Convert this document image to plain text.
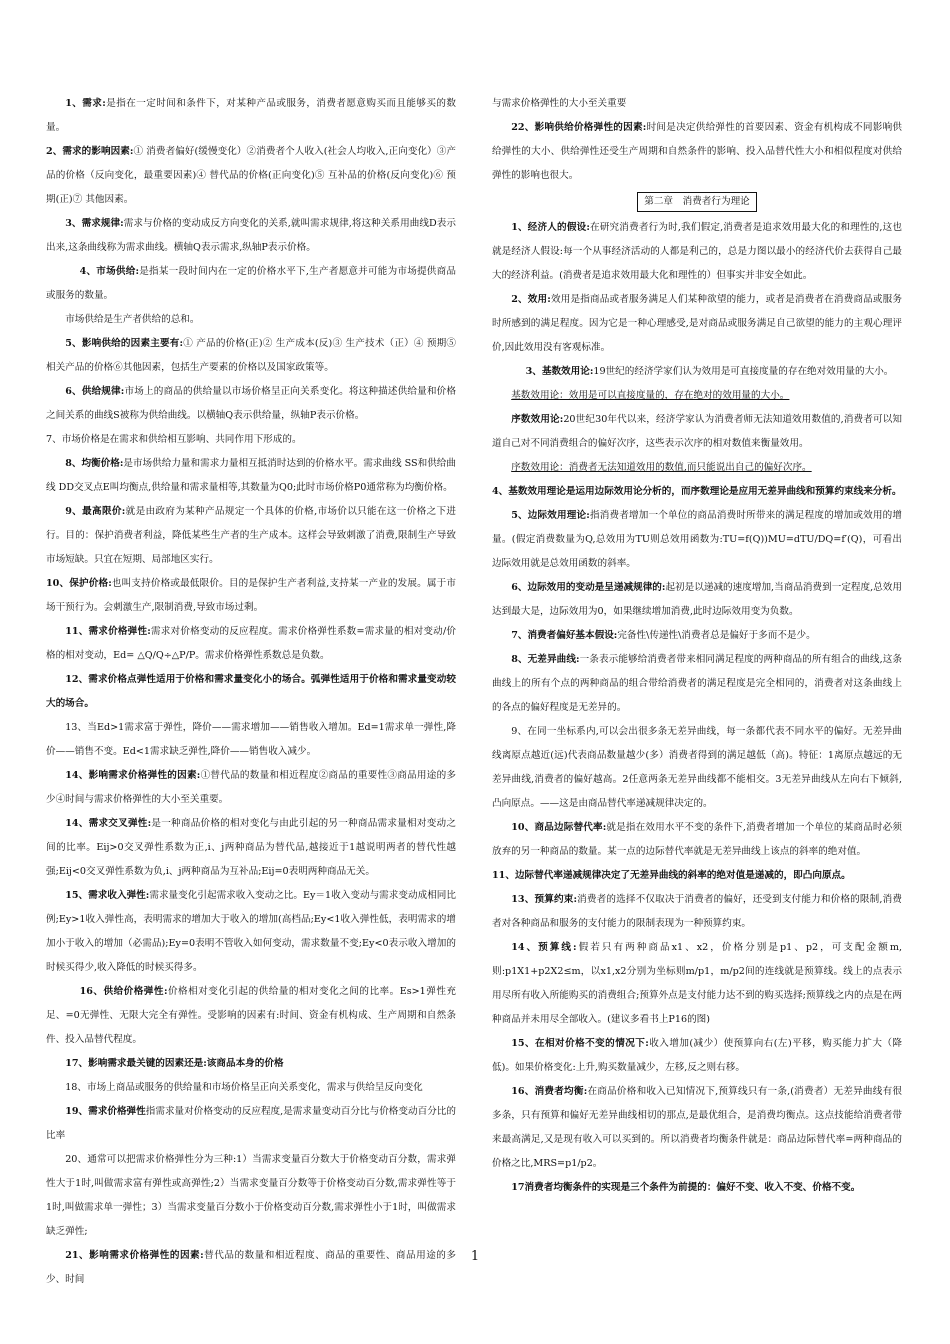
1、需求:是指在一定时间和条件下，对某种产品或服务，消费者愿意购买而且能够买的数量。

2、需求的影响因素:① 消费者偏好(缓慢变化）②消费者个人收入(社会人均收入,正向变化）③产品的价格（反向变化，最重要因素)④ 替代品的价格(正向变化)⑤ 互补品的价格(反向变化)⑥ 预期(正)⑦ 其他因素。

3、需求规律:需求与价格的变动成反方向变化的关系,就叫需求规律,将这种关系用曲线D表示出来,这条曲线称为需求曲线。横轴Q表示需求,纵轴P表示价格。

4、市场供给:是指某一段时间内在一定的价格水平下,生产者愿意并可能为市场提供商品或服务的数量。

市场供给是生产者供给的总和。

5、影响供给的因素主要有:① 产品的价格(正)② 生产成本(反)③ 生产技术（正）④ 预期⑤相关产品的价格⑥其他因素，包括生产要素的价格以及国家政策等。

6、供给规律:市场上的商品的供给量以市场价格呈正向关系变化。将这种描述供给量和价格之间关系的曲线S被称为供给曲线。以横轴Q表示供给量，纵轴P表示价格。

7、市场价格是在需求和供给相互影响、共同作用下形成的。

8、均衡价格:是市场供给力量和需求力量相互抵消时达到的价格水平。需求曲线 SS和供给曲线 DD交叉点E叫均衡点,供给量和需求量相等,其数量为Q0;此时市场价格P0通常称为均衡价格。

9、最高限价:就是由政府为某种产品规定一个具体的价格,市场价以只能在这一价格之下进行。目的：保护消费者利益，降低某些生产者的生产成本。这样会导致刺激了消费,限制生产导致市场短缺。只宜在短期、局部地区实行。

10、保护价格:也叫支持价格或最低限价。目的是保护生产者利益,支持某一产业的发展。属于市场干预行为。会刺激生产,限制消费,导致市场过剩。

11、需求价格弹性:需求对价格变动的反应程度。需求价格弹性系数=需求量的相对变动/价格的相对变动，Ed= △Q/Q÷△P/P。需求价格弹性系数总是负数。

12、需求价格点弹性适用于价格和需求量变化小的场合。弧弹性适用于价格和需求量变动较大的场合。

13、当Ed>1需求富于弹性，降价——需求增加——销售收入增加。Ed=1需求单一弹性,降价——销售不变。Ed<1需求缺乏弹性,降价——销售收入减少。

14、影响需求价格弹性的因素:①替代品的数量和相近程度②商品的重要性③商品用途的多少④时间与需求价格弹性的大小至关重要。

14、需求交叉弹性:是一种商品价格的相对变化与由此引起的另一种商品需求量相对变动之间的比率。Eij>0交叉弹性系数为正,i、j两种商品为替代品,越接近于1越说明两者的替代性越强;Eij<0交叉弹性系数为负,i、j两种商品为互补品;Eij=0表明两种商品无关。

15、需求收入弹性:需求量变化引起需求收入变动之比。Ey＝1收入变动与需求变动成相同比例;Ey>1收入弹性高，表明需求的增加大于收入的增加(高档品;Ey<1收入弹性低，表明需求的增加小于收入的增加（必需品);Ey=0表明不管收入如何变动，需求数量不变;Ey<0表示收入增加的时候买得少,收入降低的时候买得多。

16、供给价格弹性:价格相对变化引起的供给量的相对变化之间的比率。Es>1弹性充足、=0无弹性、无限大完全有弹性。受影响的因素有:时间、资金有机构成、生产周期和自然条件、投入品替代程度。

17、影响需求最关键的因素还是:该商品本身的价格

18、市场上商品或服务的供给量和市场价格呈正向关系变化，需求与供给呈反向变化

19、需求价格弹性指需求量对价格变动的反应程度,是需求量变动百分比与价格变动百分比的比率

20、通常可以把需求价格弹性分为三种:1）当需求变量百分数大于价格变动百分数，需求弹性大于1时,叫做需求富有弹性或高弹性;2）当需求变量百分数等于价格变动百分数,需求弹性等于1时,叫做需求单一弹性；3）当需求变量百分数小于价格变动百分数,需求弹性小于1时，叫做需求缺乏弹性;

21、影响需求价格弹性的因素:替代品的数量和相近程度、商品的重要性、商品用途的多少、时间

与需求价格弹性的大小至关重要

22、影响供给价格弹性的因素:时间是决定供给弹性的首要因素、资金有机构成不同影响供给弹性的大小、供给弹性还受生产周期和自然条件的影响、投入品替代性大小和相似程度对供给弹性的影响也很大。

第二章　消费者行为理论

1、经济人的假设:在研究消费者行为时,我们假定,消费者是追求效用最大化的和理性的,这也就是经济人假设:每一个从事经济活动的人都是利己的，总是力图以最小的经济代价去获得自己最大的经济利益。(消费者是追求效用最大化和理性的）但事实并非安全如此。

2、效用:效用是指商品或者服务满足人们某种欲望的能力，或者是消费者在消费商品或服务时所感到的满足程度。因为它是一种心理感受,是对商品或服务满足自己欲望的能力的主观心理评价,因此效用没有客观标准。

3、基数效用论:19世纪的经济学家们认为效用是可直接度量的存在绝对效用量的大小。

基数效用论：效用是可以直接度量的，存在绝对的效用量的大小。

序数效用论:20世纪30年代以来，经济学家认为消费者师无法知道效用数值的,消费者可以知道自己对不同消费组合的偏好次序，这些表示次序的相对数值来衡量效用。

序数效用论：消费者无法知道效用的数值,而只能说出自己的偏好次序。

4、基数效用理论是运用边际效用论分析的，而序数理论是应用无差异曲线和预算约束线来分析。

5、边际效用理论:指消费者增加一个单位的商品消费时所带来的满足程度的增加或效用的增量。(假定消费数量为Q,总效用为TU则总效用函数为:TU=f(Q))MU=dTU/DQ=f′(Q)，可看出边际效用就是总效用函数的斜率。

6、边际效用的变动是呈递减规律的:起初是以递减的速度增加,当商品消费到一定程度,总效用达到最大是，边际效用为0，如果继续增加消费,此时边际效用变为负数。

7、消费者偏好基本假设:完备性\传递性\消费者总是偏好于多而不是少。

8、无差异曲线:一条表示能够给消费者带来相同满足程度的两种商品的所有组合的曲线,这条曲线上的所有个点的两种商品的组合带给消费者的满足程度是完全相同的，消费者对这条曲线上的各点的偏好程度是无差异的。

9、在同一坐标系内,可以会出很多条无差异曲线，每一条都代表不同水平的偏好。无差异曲线离原点越近(远)代表商品数量越少(多）消费者得到的满足越低（高)。特征：1离原点越远的无差异曲线,消费者的偏好越高。2任意两条无差异曲线都不能相交。3无差异曲线从左向右下倾斜,凸向原点。——这是由商品替代率递减规律决定的。

10、商品边际替代率:就是指在效用水平不变的条件下,消费者增加一个单位的某商品时必须放弃的另一种商品的数量。某一点的边际替代率就是无差异曲线上该点的斜率的绝对值。

11、边际替代率递减规律决定了无差异曲线的斜率的绝对值是递减的，即凸向原点。

13、预算约束:消费者的选择不仅取决于消费者的偏好，还受到支付能力和价格的限制,消费者对各种商品和服务的支付能力的限制表现为一种预算约束。

14、预算线:假若只有两种商品x1、x2，价格分别是p1、p2，可支配金额m,则:p1X1+p2X2≤m，以x1,x2分别为坐标则m/p1，m/p2间的连线就是预算线。线上的点表示用尽所有收入所能购买的消费组合;预算外点是支付能力达不到的购买选择;预算线之内的点是在两种商品并未用尽全部收入。(建议多看书上P16的图)

15、在相对价格不变的情况下:收入增加(减少）使预算向右(左)平移，购买能力扩大（降低)。如果价格变化:上升,购买数量减少，左移,反之则右移。

16、消费者均衡:在商品价格和收入已知情况下,预算线只有一条,(消费者）无差异曲线有很多条，只有预算和偏好无差异曲线相切的那点,是最优组合，是消费均衡点。这点技能给消费者带来最高满足,又是现有收入可以买到的。所以消费者均衡条件就是：商品边际替代率=两种商品的价格之比,MRS=p1/p2。

17消费者均衡条件的实现是三个条件为前提的：偏好不变、收入不变、价格不变。

1
